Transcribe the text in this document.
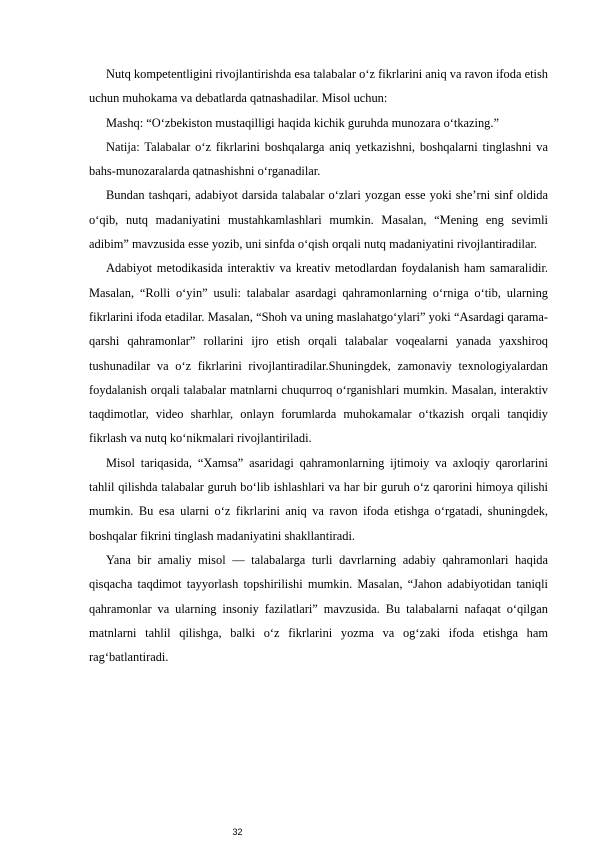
Nutq kompetentligini rivojlantirishda esa talabalar o‘z fikrlarini aniq va ravon ifoda etish uchun muhokama va debatlarda qatnashadilar. Misol uchun:

Mashq: “O‘zbekiston mustaqilligi haqida kichik guruhda munozara o‘tkazing.”

Natija: Talabalar o‘z fikrlarini boshqalarga aniq yetkazishni, boshqalarni tinglashni va bahs-munozaralarda qatnashishni o‘rganadilar.

Bundan tashqari, adabiyot darsida talabalar o‘zlari yozgan esse yoki she’rni sinf oldida o‘qib, nutq madaniyatini mustahkamlashlari mumkin. Masalan, “Mening eng sevimli adibim” mavzusida esse yozib, uni sinfda o‘qish orqali nutq madaniyatini rivojlantiradilar.

Adabiyot metodikasida interaktiv va kreativ metodlardan foydalanish ham samaralidir. Masalan, “Rolli o‘yin” usuli: talabalar asardagi qahramonlarning o‘rniga o‘tib, ularning fikrlarini ifoda etadilar. Masalan, “Shoh va uning maslahatgo‘ylari” yoki “Asardagi qarama-qarshi qahramonlar” rollarini ijro etish orqali talabalar voqealarni yanada yaxshiroq tushunadilar va o‘z fikrlarini rivojlantiradilar.Shuningdek, zamonaviy texnologiyalardan foydalanish orqali talabalar matnlarni chuqurroq o‘rganishlari mumkin. Masalan, interaktiv taqdimotlar, video sharhlar, onlayn forumlarda muhokamalar o‘tkazish orqali tanqidiy fikrlash va nutq ko‘nikmalari rivojlantiriladi.

Misol tariqasida, “Xamsa” asaridagi qahramonlarning ijtimoiy va axloqiy qarorlarini tahlil qilishda talabalar guruh bo‘lib ishlashlari va har bir guruh o‘z qarorini himoya qilishi mumkin. Bu esa ularni o‘z fikrlarini aniq va ravon ifoda etishga o‘rgatadi, shuningdek, boshqalar fikrini tinglash madaniyatini shakllantiradi.

Yana bir amaliy misol — talabalarga turli davrlarning adabiy qahramonlari haqida qisqacha taqdimot tayyorlash topshirilishi mumkin. Masalan, “Jahon adabiyotidan taniqli qahramonlar va ularning insoniy fazilatlari” mavzusida. Bu talabalarni nafaqat o‘qilgan matnlarni tahlil qilishga, balki o‘z fikrlarini yozma va og‘zaki ifoda etishga ham rag‘batlantiradi.

32
